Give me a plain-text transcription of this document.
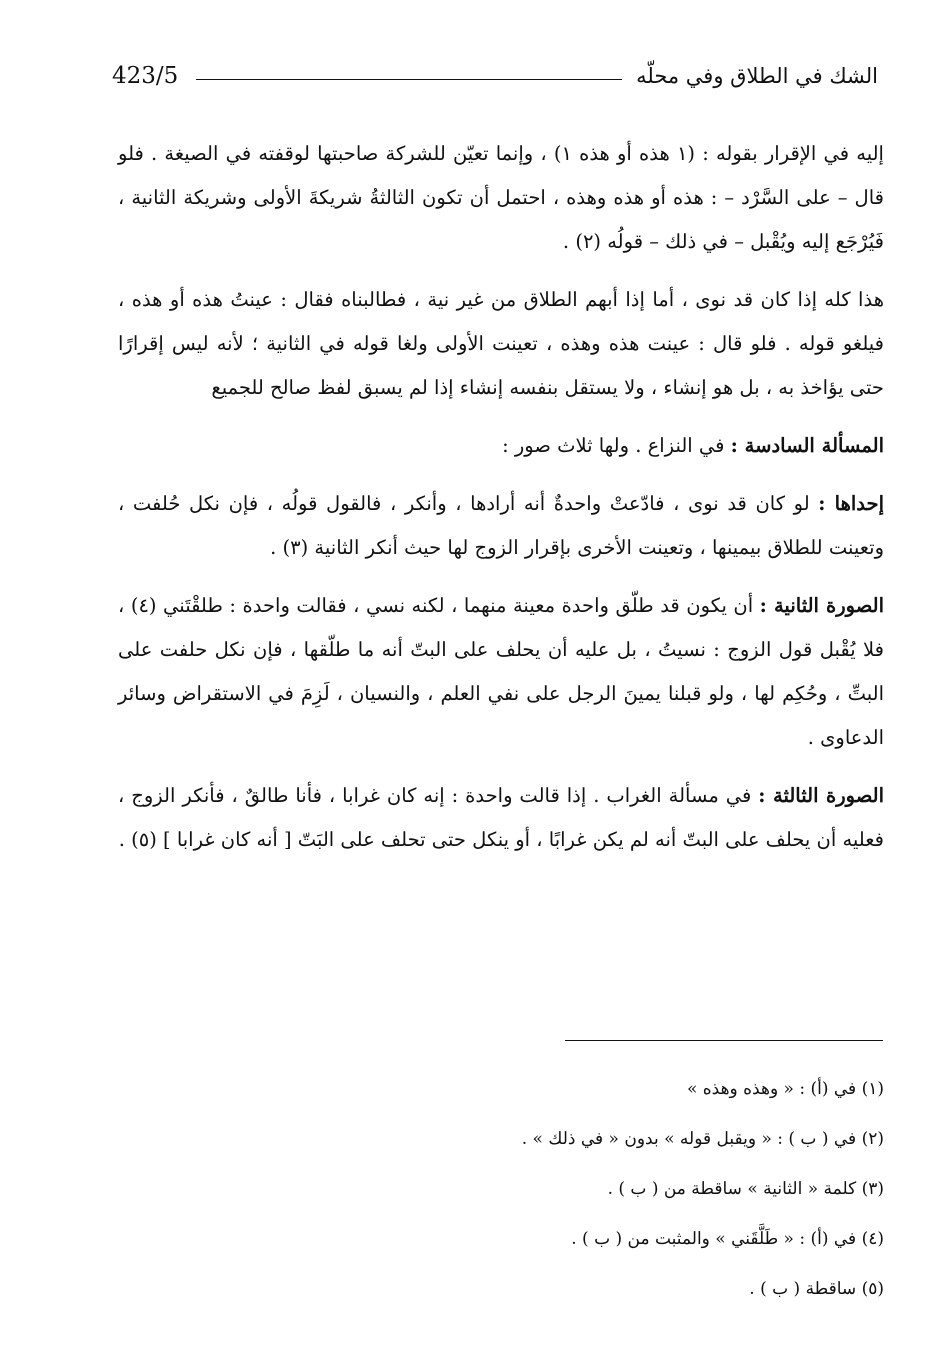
423/5	الشك في الطلاق وفي محلّه

إليه في الإقرار بقوله : (١ هذه أو هذه ١) ، وإنما تعيّن للشركة صاحبتها لوقفته في الصيغة . فلو قال – على السَّرْد – : هذه أو هذه وهذه ، احتمل أن تكون الثالثةُ شريكةَ الأولى وشريكة الثانية ، فَيُرْجَع إليه ويُقْبل – في ذلك – قولُه (٢) .

هذا كله إذا كان قد نوى ، أما إذا أبهم الطلاق من غير نية ، فطالبناه فقال : عينتُ هذه أو هذه ، فيلغو قوله . فلو قال : عينت هذه وهذه ، تعينت الأولى ولغا قوله في الثانية ؛ لأنه ليس إقرارًا حتى يؤاخذ به ، بل هو إنشاء ، ولا يستقل بنفسه إنشاء إذا لم يسبق لفظ صالح للجميع

المسألة السادسة : في النزاع . ولها ثلاث صور :

إحداها : لو كان قد نوى ، فادّعتْ واحدةٌ أنه أرادها ، وأنكر ، فالقول قولُه ، فإن نكل حُلفت ، وتعينت للطلاق بيمينها ، وتعينت الأخرى بإقرار الزوج لها حيث أنكر الثانية (٣) .

الصورة الثانية : أن يكون قد طلّق واحدة معينة منهما ، لكنه نسي ، فقالت واحدة : طلقْتَني (٤) ، فلا يُقْبل قول الزوج : نسيتُ ، بل عليه أن يحلف على البتّ أنه ما طلّقها ، فإن نكل حلفت على البتِّ ، وحُكِم لها ، ولو قبلنا يمينَ الرجل على نفي العلم ، والنسيان ، لَزِمَ في الاستقراض وسائر الدعاوى .

الصورة الثالثة : في مسألة الغراب . إذا قالت واحدة : إنه كان غرابا ، فأنا طالقٌ ، فأنكر الزوج ، فعليه أن يحلف على البتّ أنه لم يكن غرابًا ، أو ينكل حتى تحلف على البَتّ [ أنه كان غرابا ] (٥) .

(١) في (أ) : « وهذه وهذه »

(٢) في ( ب ) : « ويقبل قوله » بدون « في ذلك » .

(٣) كلمة « الثانية » ساقطة من ( ب ) .

(٤) في (أ) : « طَلَّقَني » والمثبت من ( ب ) .

(٥) ساقطة ( ب ) .
